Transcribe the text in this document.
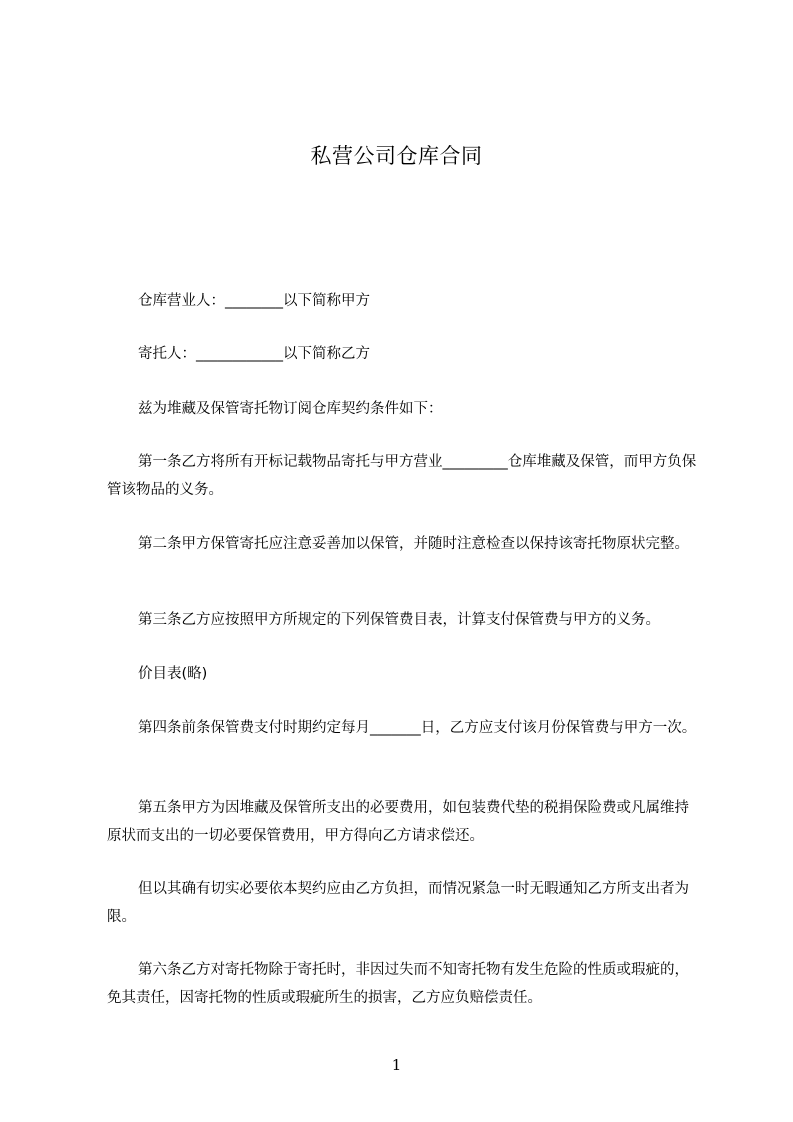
私营公司仓库合同
仓库营业人：________以下简称甲方
寄托人：____________以下简称乙方
兹为堆藏及保管寄托物订阅仓库契约条件如下：
第一条乙方将所有开标记载物品寄托与甲方营业_________仓库堆藏及保管，而甲方负保管该物品的义务。
第二条甲方保管寄托应注意妥善加以保管，并随时注意检查以保持该寄托物原状完整。
第三条乙方应按照甲方所规定的下列保管费目表，计算支付保管费与甲方的义务。
价目表(略)
第四条前条保管费支付时期约定每月_______日，乙方应支付该月份保管费与甲方一次。
第五条甲方为因堆藏及保管所支出的必要费用，如包装费代垫的税捐保险费或凡属维持原状而支出的一切必要保管费用，甲方得向乙方请求偿还。
但以其确有切实必要依本契约应由乙方负担，而情况紧急一时无暇通知乙方所支出者为限。
第六条乙方对寄托物除于寄托时，非因过失而不知寄托物有发生危险的性质或瑕疵的，免其责任，因寄托物的性质或瑕疵所生的损害，乙方应负赔偿责任。
1
